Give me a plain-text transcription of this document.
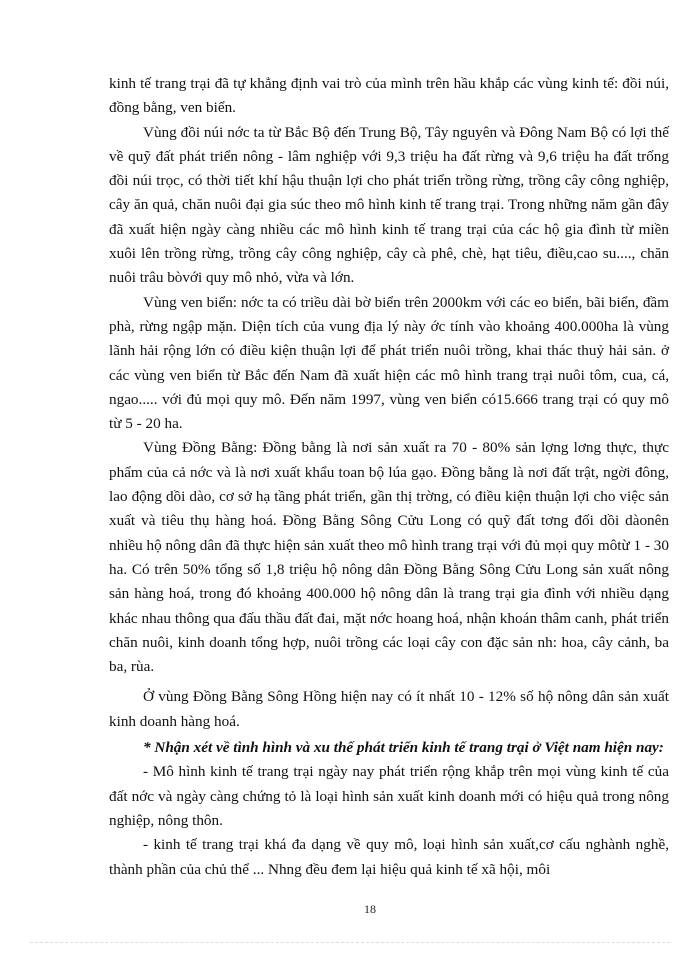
kinh tế trang trại đã tự khẳng định vai trò của mình trên hầu khắp các vùng kinh tế: đồi núi, đồng bằng, ven biển.

Vùng đồi núi nớc ta từ Bắc Bộ đến Trung Bộ, Tây nguyên và Đông Nam Bộ có lợi thế về quỹ đất phát triển nông - lâm nghiệp với 9,3 triệu ha đất rừng và 9,6 triệu ha đất trống đồi núi trọc, có thời tiết khí hậu thuận lợi cho phát triển trồng rừng, trồng cây công nghiệp, cây ăn quả, chăn nuôi đại gia súc theo mô hình kinh tế trang trại. Trong những năm gần đây đã xuất hiện ngày càng nhiều các mô hình kinh tế trang trại của các hộ gia đình từ miền xuôi lên trồng rừng, trồng cây công nghiệp, cây cà phê, chè, hạt tiêu, điều,cao su...., chăn nuôi trâu bòvới quy mô nhỏ, vừa và lớn.

Vùng ven biển: nớc ta có triều dài bờ biển trên 2000km với các eo biển, bãi biển, đầm phà, rừng ngập mặn. Diện tích của vung địa lý này ớc tính vào khoảng 400.000ha là vùng lãnh hải rộng lớn có điều kiện thuận lợi để phát triển nuôi trồng, khai thác thuỷ hải sản. ở các vùng ven biển từ Bắc đến Nam đã xuất hiện các mô hình trang trại nuôi tôm, cua, cá, ngao..... với đủ mọi quy mô. Đến năm 1997, vùng ven biển có15.666 trang trại có quy mô từ 5 - 20 ha.

Vùng Đồng Bằng: Đồng bằng là nơi sản xuất ra 70 - 80% sản lợng lơng thực, thực phẩm của cả nớc và là nơi xuất khẩu toan bộ lúa gạo. Đồng bằng là nơi đất trật, ngời đông, lao động dồi dào, cơ sở hạ tầng phát triển, gần thị trờng, có điều kiện thuận lợi cho việc sản xuất và tiêu thụ hàng hoá. Đồng Bằng Sông Cửu Long có quỹ đất tơng đối dồi dàonên nhiều hộ nông dân đã thực hiện sản xuất theo mô hình trang trại với đủ mọi quy môtừ 1 - 30 ha. Có trên 50% tổng số 1,8 triệu hộ nông dân Đồng Bằng Sông Cửu Long sản xuất nông sản hàng hoá, trong đó khoảng 400.000 hộ nông dân là trang trại gia đình với nhiều dạng khác nhau thông qua đấu thầu đất đai, mặt nớc hoang hoá, nhận khoán thâm canh, phát triển chăn nuôi, kinh doanh tổng hợp, nuôi trồng các loại cây con đặc sản nh: hoa, cây cảnh, ba ba, rùa.

Ở vùng Đồng Bằng Sông Hồng hiện nay có ít nhất 10 - 12% số hộ nông dân sản xuất kinh doanh hàng hoá.

* Nhận xét về tình hình và xu thế phát triển kinh tế trang trại ở Việt nam hiện nay:

- Mô hình kinh tế trang trại ngày nay phát triển rộng khắp trên mọi vùng kinh tế của đất nớc và ngày càng chứng tỏ là loại hình sản xuất kinh doanh mới có hiệu quả trong nông nghiệp, nông thôn.

- kinh tế trang trại khá đa dạng về quy mô, loại hình sản xuất,cơ cấu nghành nghề, thành phần của chủ thể ... Nhng đều đem lại hiệu quả kinh tế xã hội, môi

18
